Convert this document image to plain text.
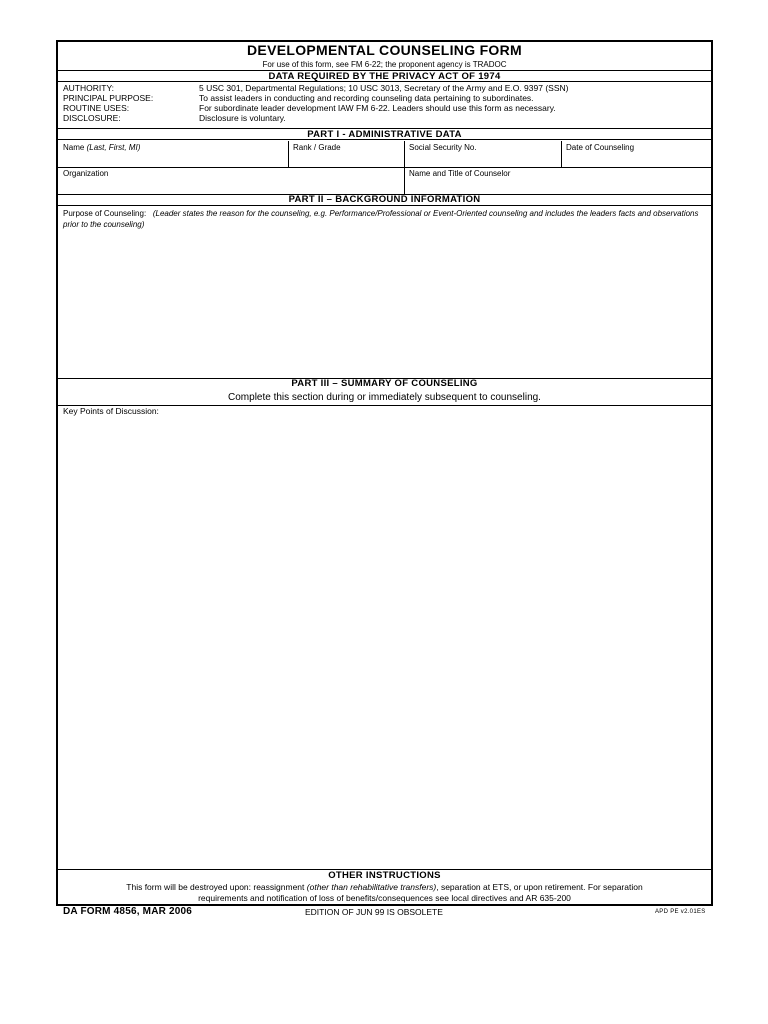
DEVELOPMENTAL COUNSELING FORM
For use of this form, see FM 6-22; the proponent agency is TRADOC
DATA REQUIRED BY THE PRIVACY ACT OF 1974
AUTHORITY:	5 USC 301, Departmental Regulations; 10 USC 3013, Secretary of the Army and E.O. 9397 (SSN)
PRINCIPAL PURPOSE:	To assist leaders in conducting and recording counseling data pertaining to subordinates.
ROUTINE USES:	For subordinate leader development IAW FM 6-22. Leaders should use this form as necessary.
DISCLOSURE:	Disclosure is voluntary.
PART I - ADMINISTRATIVE DATA
Name (Last, First, MI)	Rank / Grade	Social Security No.	Date of Counseling
Organization	Name and Title of Counselor
PART II – BACKGROUND INFORMATION
Purpose of Counseling: (Leader states the reason for the counseling, e.g. Performance/Professional or Event-Oriented counseling and includes the leaders facts and observations prior to the counseling)
PART III – SUMMARY OF COUNSELING
Complete this section during or immediately subsequent to counseling.
Key Points of Discussion:
OTHER INSTRUCTIONS
This form will be destroyed upon: reassignment (other than rehabilitative transfers), separation at ETS, or upon retirement. For separation
requirements and notification of loss of benefits/consequences see local directives and AR 635-200
DA FORM 4856, MAR 2006	EDITION OF JUN 99 IS OBSOLETE	APD PE v2.01ES
